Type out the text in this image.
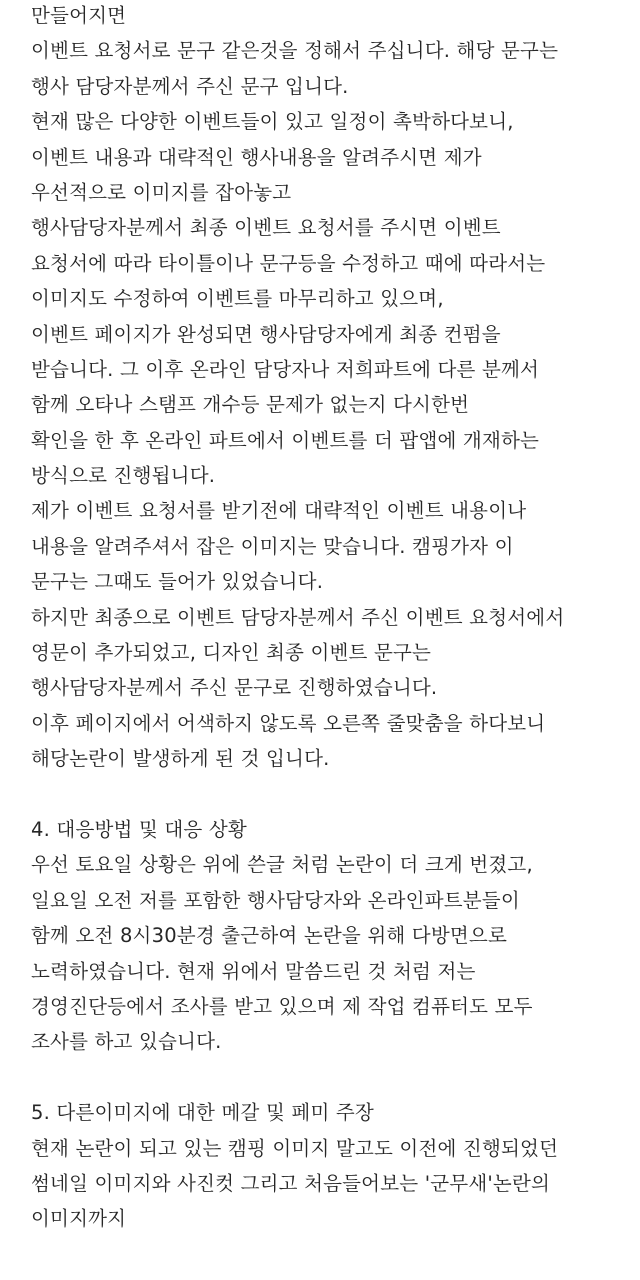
만들어지면
이벤트 요청서로 문구 같은것을 정해서 주십니다. 해당 문구는
행사 담당자분께서 주신 문구 입니다.
현재 많은 다양한 이벤트들이 있고 일정이 촉박하다보니,
이벤트 내용과 대략적인 행사내용을 알려주시면 제가
우선적으로 이미지를 잡아놓고
행사담당자분께서 최종 이벤트 요청서를 주시면 이벤트
요청서에 따라 타이틀이나 문구등을 수정하고 때에 따라서는
이미지도 수정하여 이벤트를 마무리하고 있으며,
이벤트 페이지가 완성되면 행사담당자에게 최종 컨펌을
받습니다. 그 이후 온라인 담당자나 저희파트에 다른 분께서
함께 오타나 스탬프 개수등 문제가 없는지 다시한번
확인을 한 후 온라인 파트에서 이벤트를 더 팝앱에 개재하는
방식으로 진행됩니다.
제가 이벤트 요청서를 받기전에 대략적인 이벤트 내용이나
내용을 알려주셔서 잡은 이미지는 맞습니다. 캠핑가자 이
문구는 그때도 들어가 있었습니다.
하지만 최종으로 이벤트 담당자분께서 주신 이벤트 요청서에서
영문이 추가되었고, 디자인 최종 이벤트 문구는
행사담당자분께서 주신 문구로 진행하였습니다.
이후 페이지에서 어색하지 않도록 오른쪽 줄맞춤을 하다보니
해당논란이 발생하게 된 것 입니다.
4. 대응방법 및 대응 상황
우선 토요일 상황은 위에 쓴글 처럼 논란이 더 크게 번졌고,
일요일 오전 저를 포함한 행사담당자와 온라인파트분들이
함께 오전 8시30분경 출근하여 논란을 위해 다방면으로
노력하였습니다. 현재 위에서 말씀드린 것 처럼 저는
경영진단등에서 조사를 받고 있으며 제 작업 컴퓨터도 모두
조사를 하고 있습니다.
5. 다른이미지에 대한 메갈 및 페미 주장
현재 논란이 되고 있는 캠핑 이미지 말고도 이전에 진행되었던
썸네일 이미지와 사진컷 그리고 처음들어보는 '군무새'논란의
이미지까지
